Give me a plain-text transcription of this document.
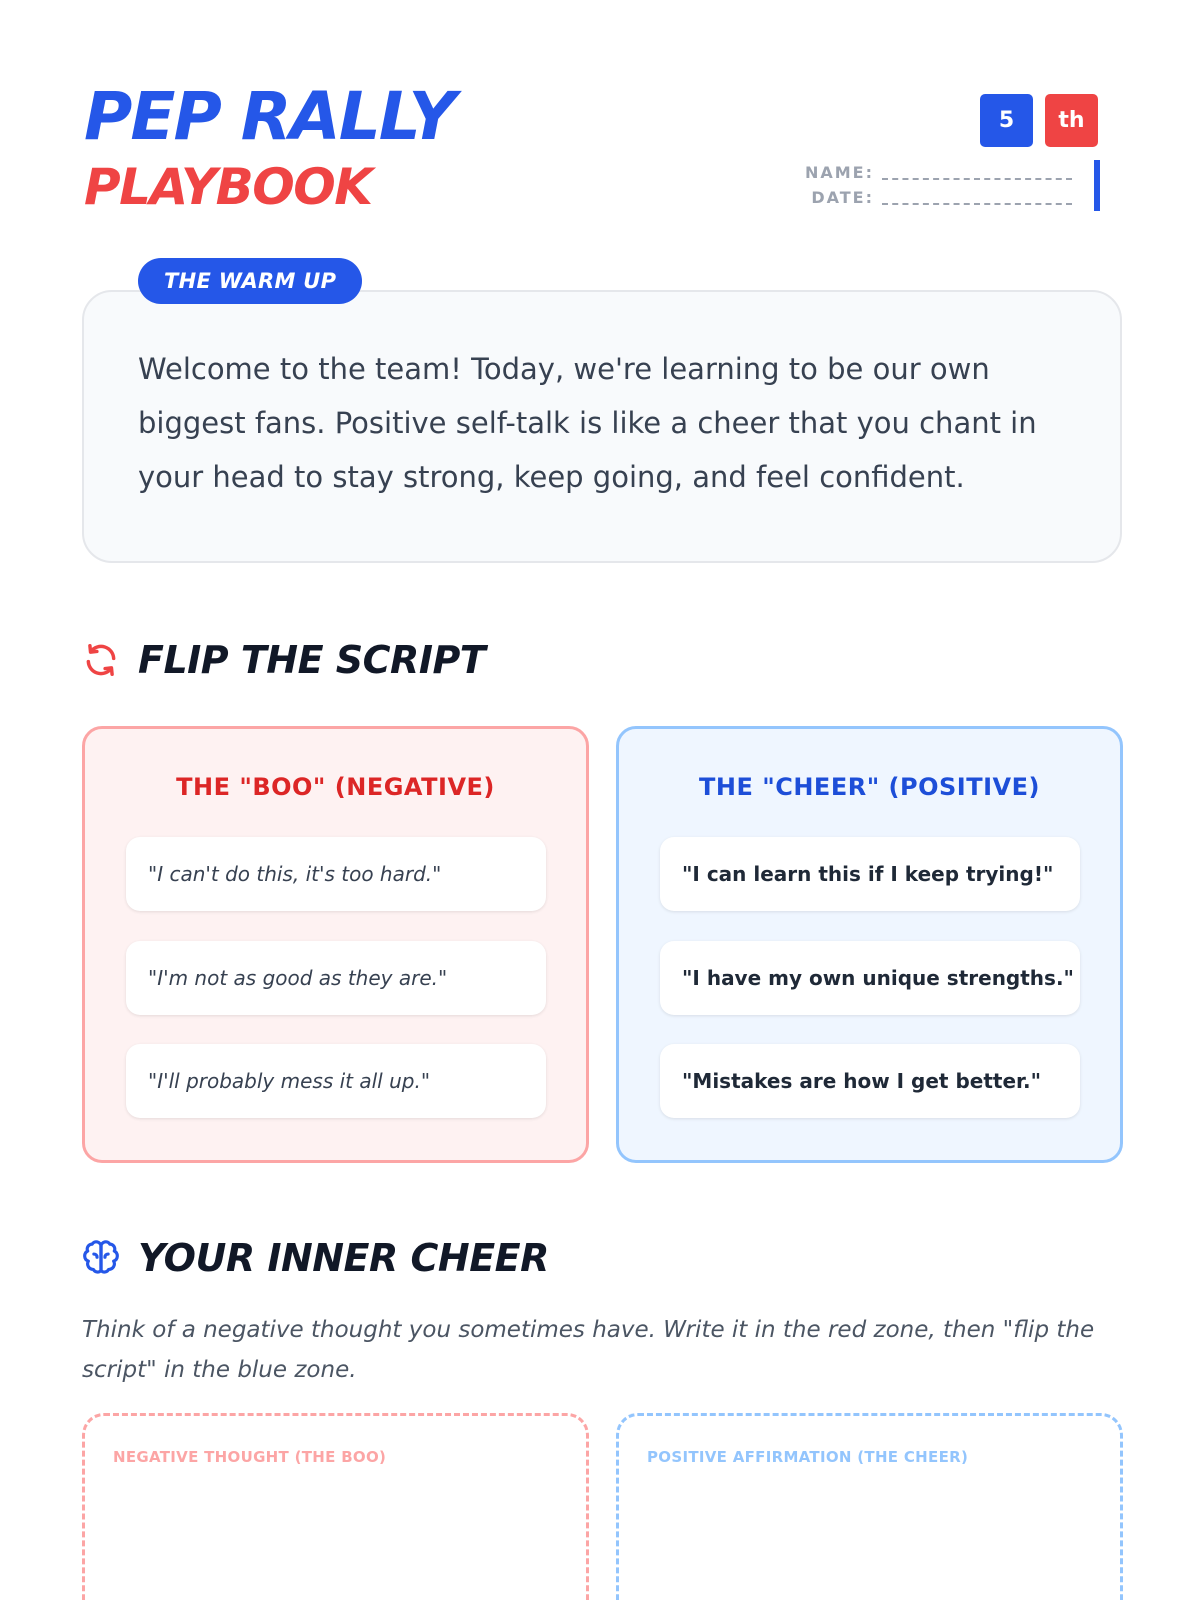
PEP RALLY
PLAYBOOK
5	th
NAME:
DATE:
THE WARM UP
Welcome to the team! Today, we're learning to be our own biggest fans. Positive self-talk is like a cheer that you chant in your head to stay strong, keep going, and feel confident.
FLIP THE SCRIPT
THE "BOO" (NEGATIVE)
"I can't do this, it's too hard."
"I'm not as good as they are."
"I'll probably mess it all up."
THE "CHEER" (POSITIVE)
"I can learn this if I keep trying!"
"I have my own unique strengths."
"Mistakes are how I get better."
YOUR INNER CHEER
Think of a negative thought you sometimes have. Write it in the red zone, then "flip the script" in the blue zone.
NEGATIVE THOUGHT (THE BOO)	POSITIVE AFFIRMATION (THE CHEER)
